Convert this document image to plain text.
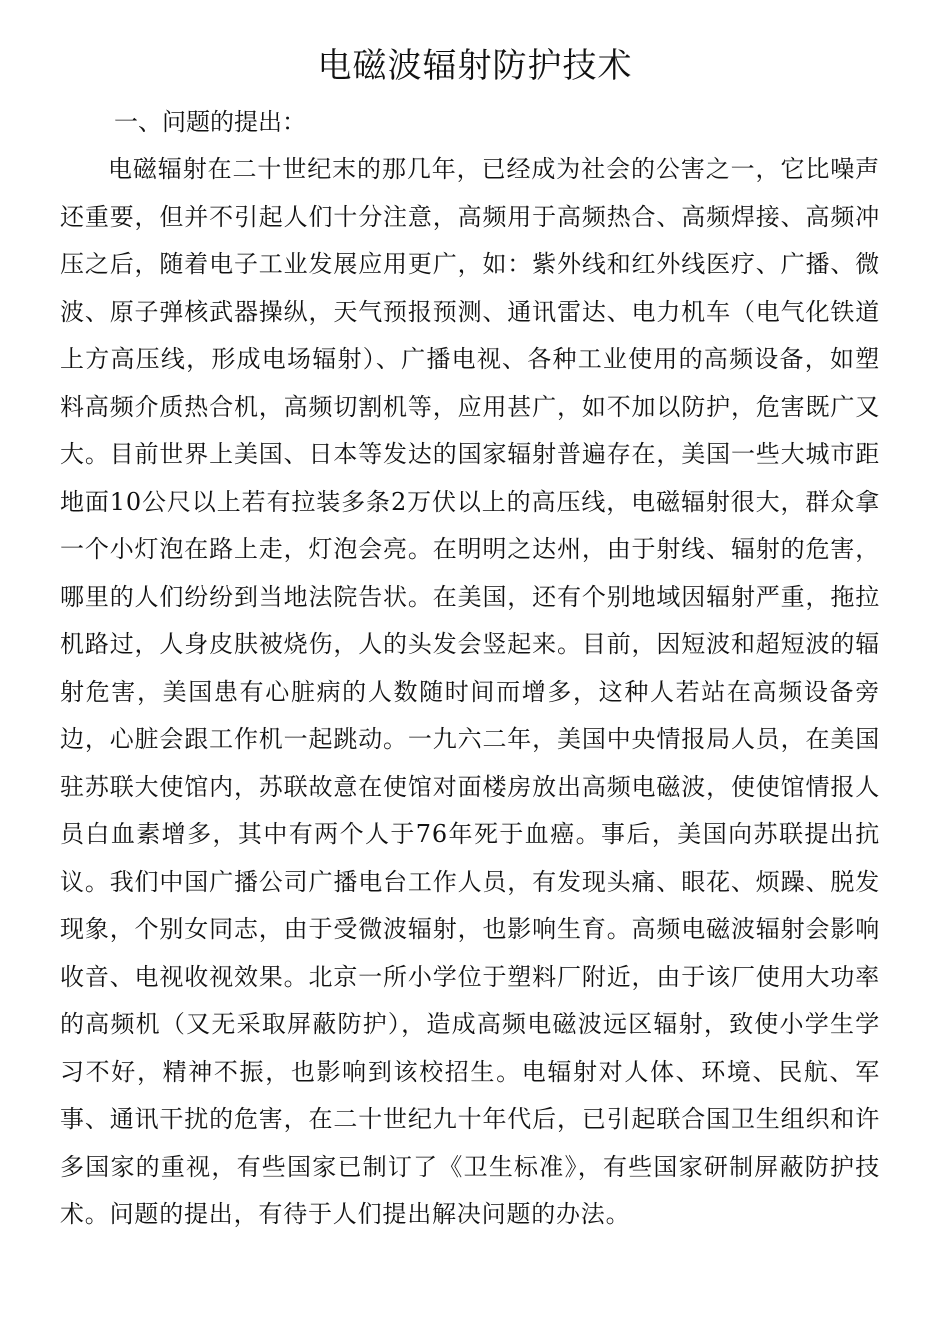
电磁波辐射防护技术
一、问题的提出：

电磁辐射在二十世纪末的那几年，已经成为社会的公害之一，它比噪声还重要，但并不引起人们十分注意，高频用于高频热合、高频焊接、高频冲压之后，随着电子工业发展应用更广，如：紫外线和红外线医疗、广播、微波、原子弹核武器操纵，天气预报预测、通讯雷达、电力机车（电气化铁道上方高压线，形成电场辐射）、广播电视、各种工业使用的高频设备，如塑料高频介质热合机，高频切割机等，应用甚广，如不加以防护，危害既广又大。目前世界上美国、日本等发达的国家辐射普遍存在，美国一些大城市距地面10公尺以上若有拉装多条2万伏以上的高压线，电磁辐射很大，群众拿一个小灯泡在路上走，灯泡会亮。在明明之达州，由于射线、辐射的危害，哪里的人们纷纷到当地法院告状。在美国，还有个别地域因辐射严重，拖拉机路过，人身皮肤被烧伤，人的头发会竖起来。目前，因短波和超短波的辐射危害，美国患有心脏病的人数随时间而增多，这种人若站在高频设备旁边，心脏会跟工作机一起跳动。一九六二年，美国中央情报局人员，在美国驻苏联大使馆内，苏联故意在使馆对面楼房放出高频电磁波，使使馆情报人员白血素增多，其中有两个人于76年死于血癌。事后，美国向苏联提出抗议。我们中国广播公司广播电台工作人员，有发现头痛、眼花、烦躁、脱发现象，个别女同志，由于受微波辐射，也影响生育。高频电磁波辐射会影响收音、电视收视效果。北京一所小学位于塑料厂附近，由于该厂使用大功率的高频机（又无采取屏蔽防护），造成高频电磁波远区辐射，致使小学生学习不好，精神不振，也影响到该校招生。电辐射对人体、环境、民航、军事、通讯干扰的危害，在二十世纪九十年代后，已引起联合国卫生组织和许多国家的重视，有些国家已制订了《卫生标准》，有些国家研制屏蔽防护技术。问题的提出，有待于人们提出解决问题的办法。
